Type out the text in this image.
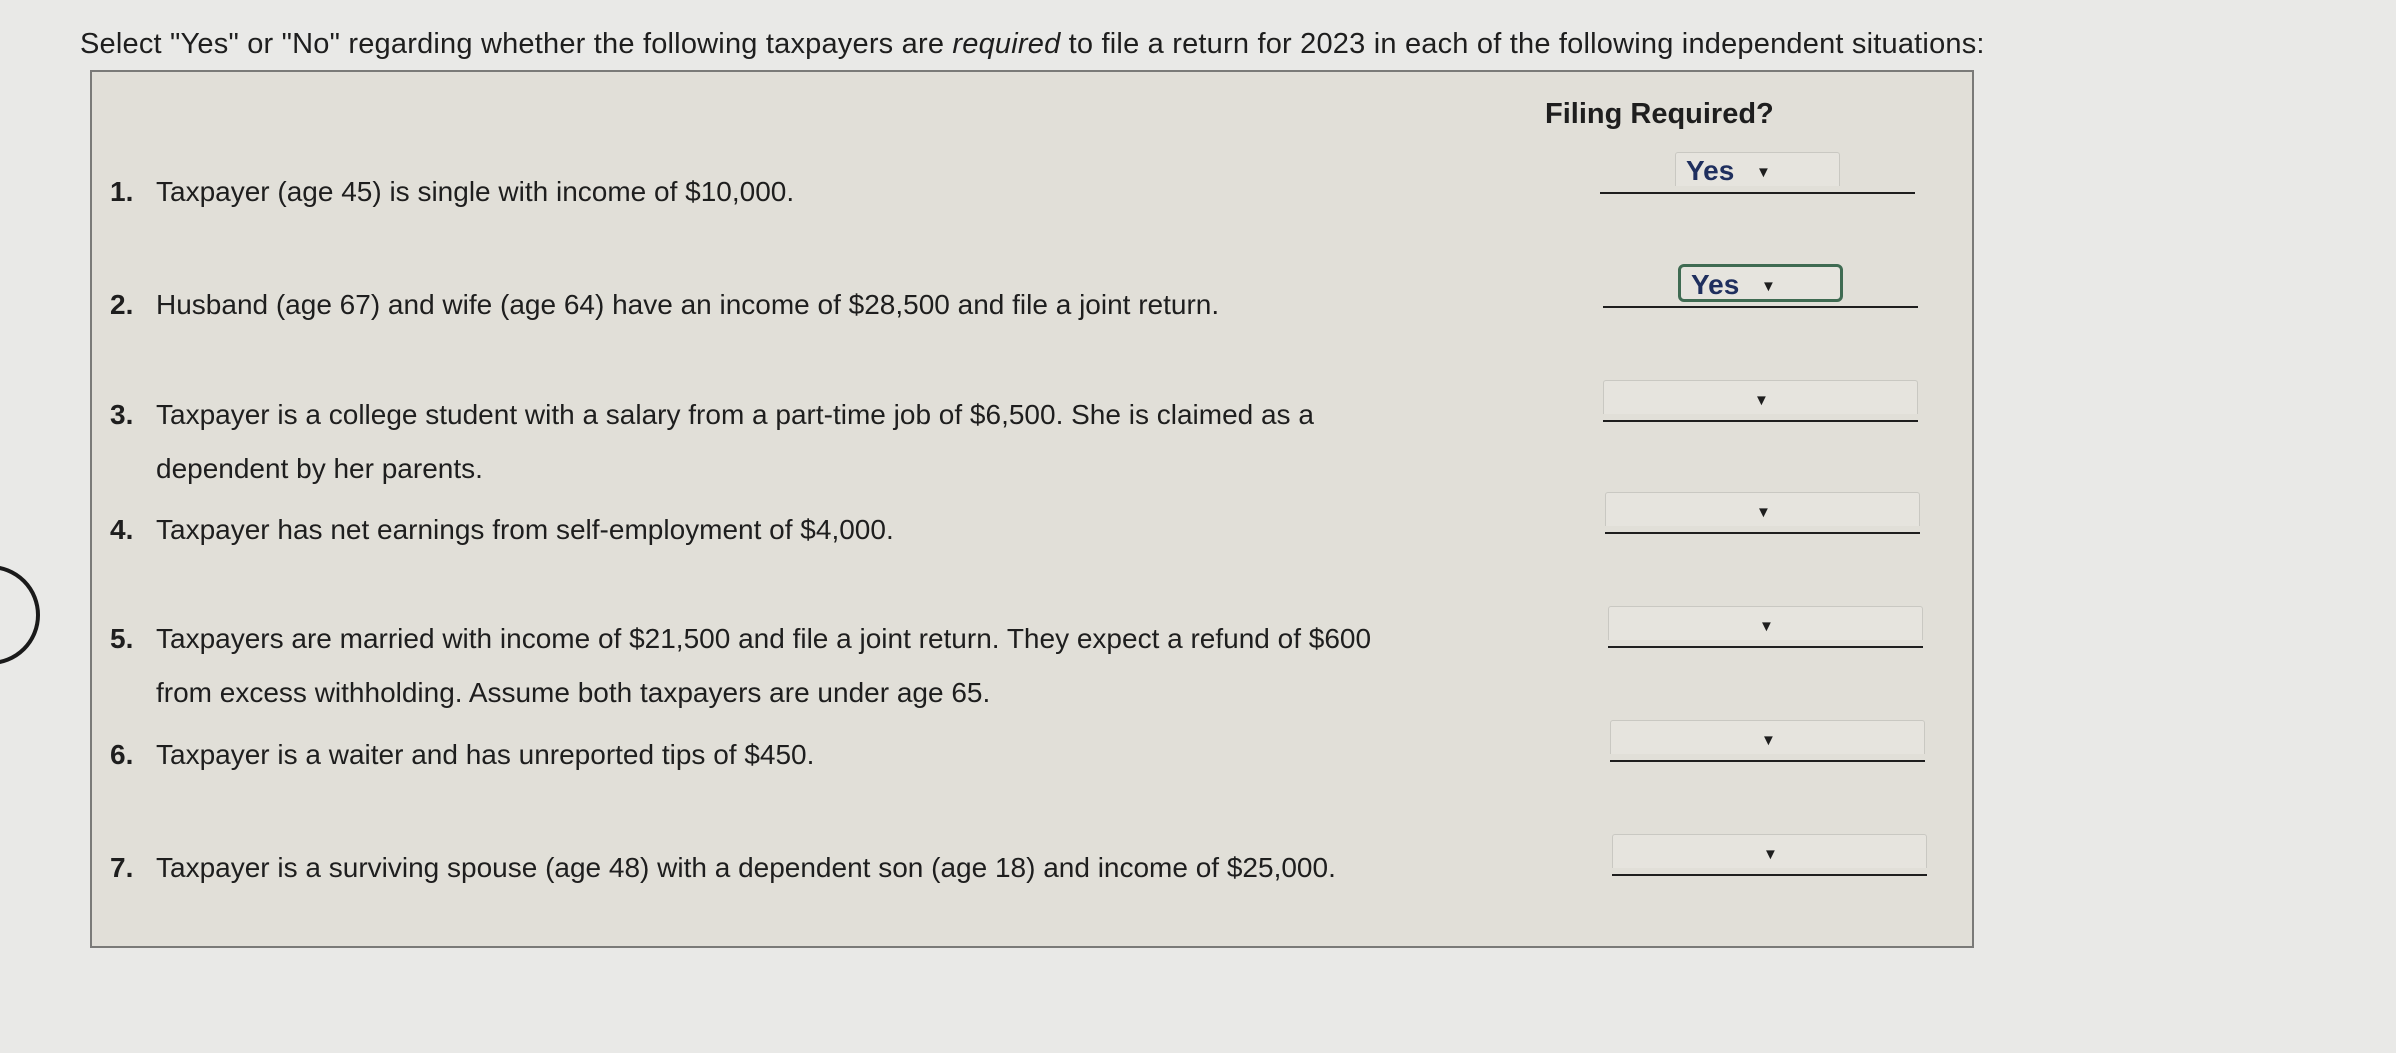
Select "Yes" or "No" regarding whether the following taxpayers are required to file a return for 2023 in each of the following independent situations:
Filing Required?
1. Taxpayer (age 45) is single with income of $10,000.
Yes ▼
2. Husband (age 67) and wife (age 64) have an income of $28,500 and file a joint return.
Yes ▼
3. Taxpayer is a college student with a salary from a part-time job of $6,500. She is claimed as a
dependent by her parents.
▼
4. Taxpayer has net earnings from self-employment of $4,000.
▼
5. Taxpayers are married with income of $21,500 and file a joint return. They expect a refund of $600
from excess withholding. Assume both taxpayers are under age 65.
▼
6. Taxpayer is a waiter and has unreported tips of $450.	▼
7. Taxpayer is a surviving spouse (age 48) with a dependent son (age 18) and income of $25,000.	▼
